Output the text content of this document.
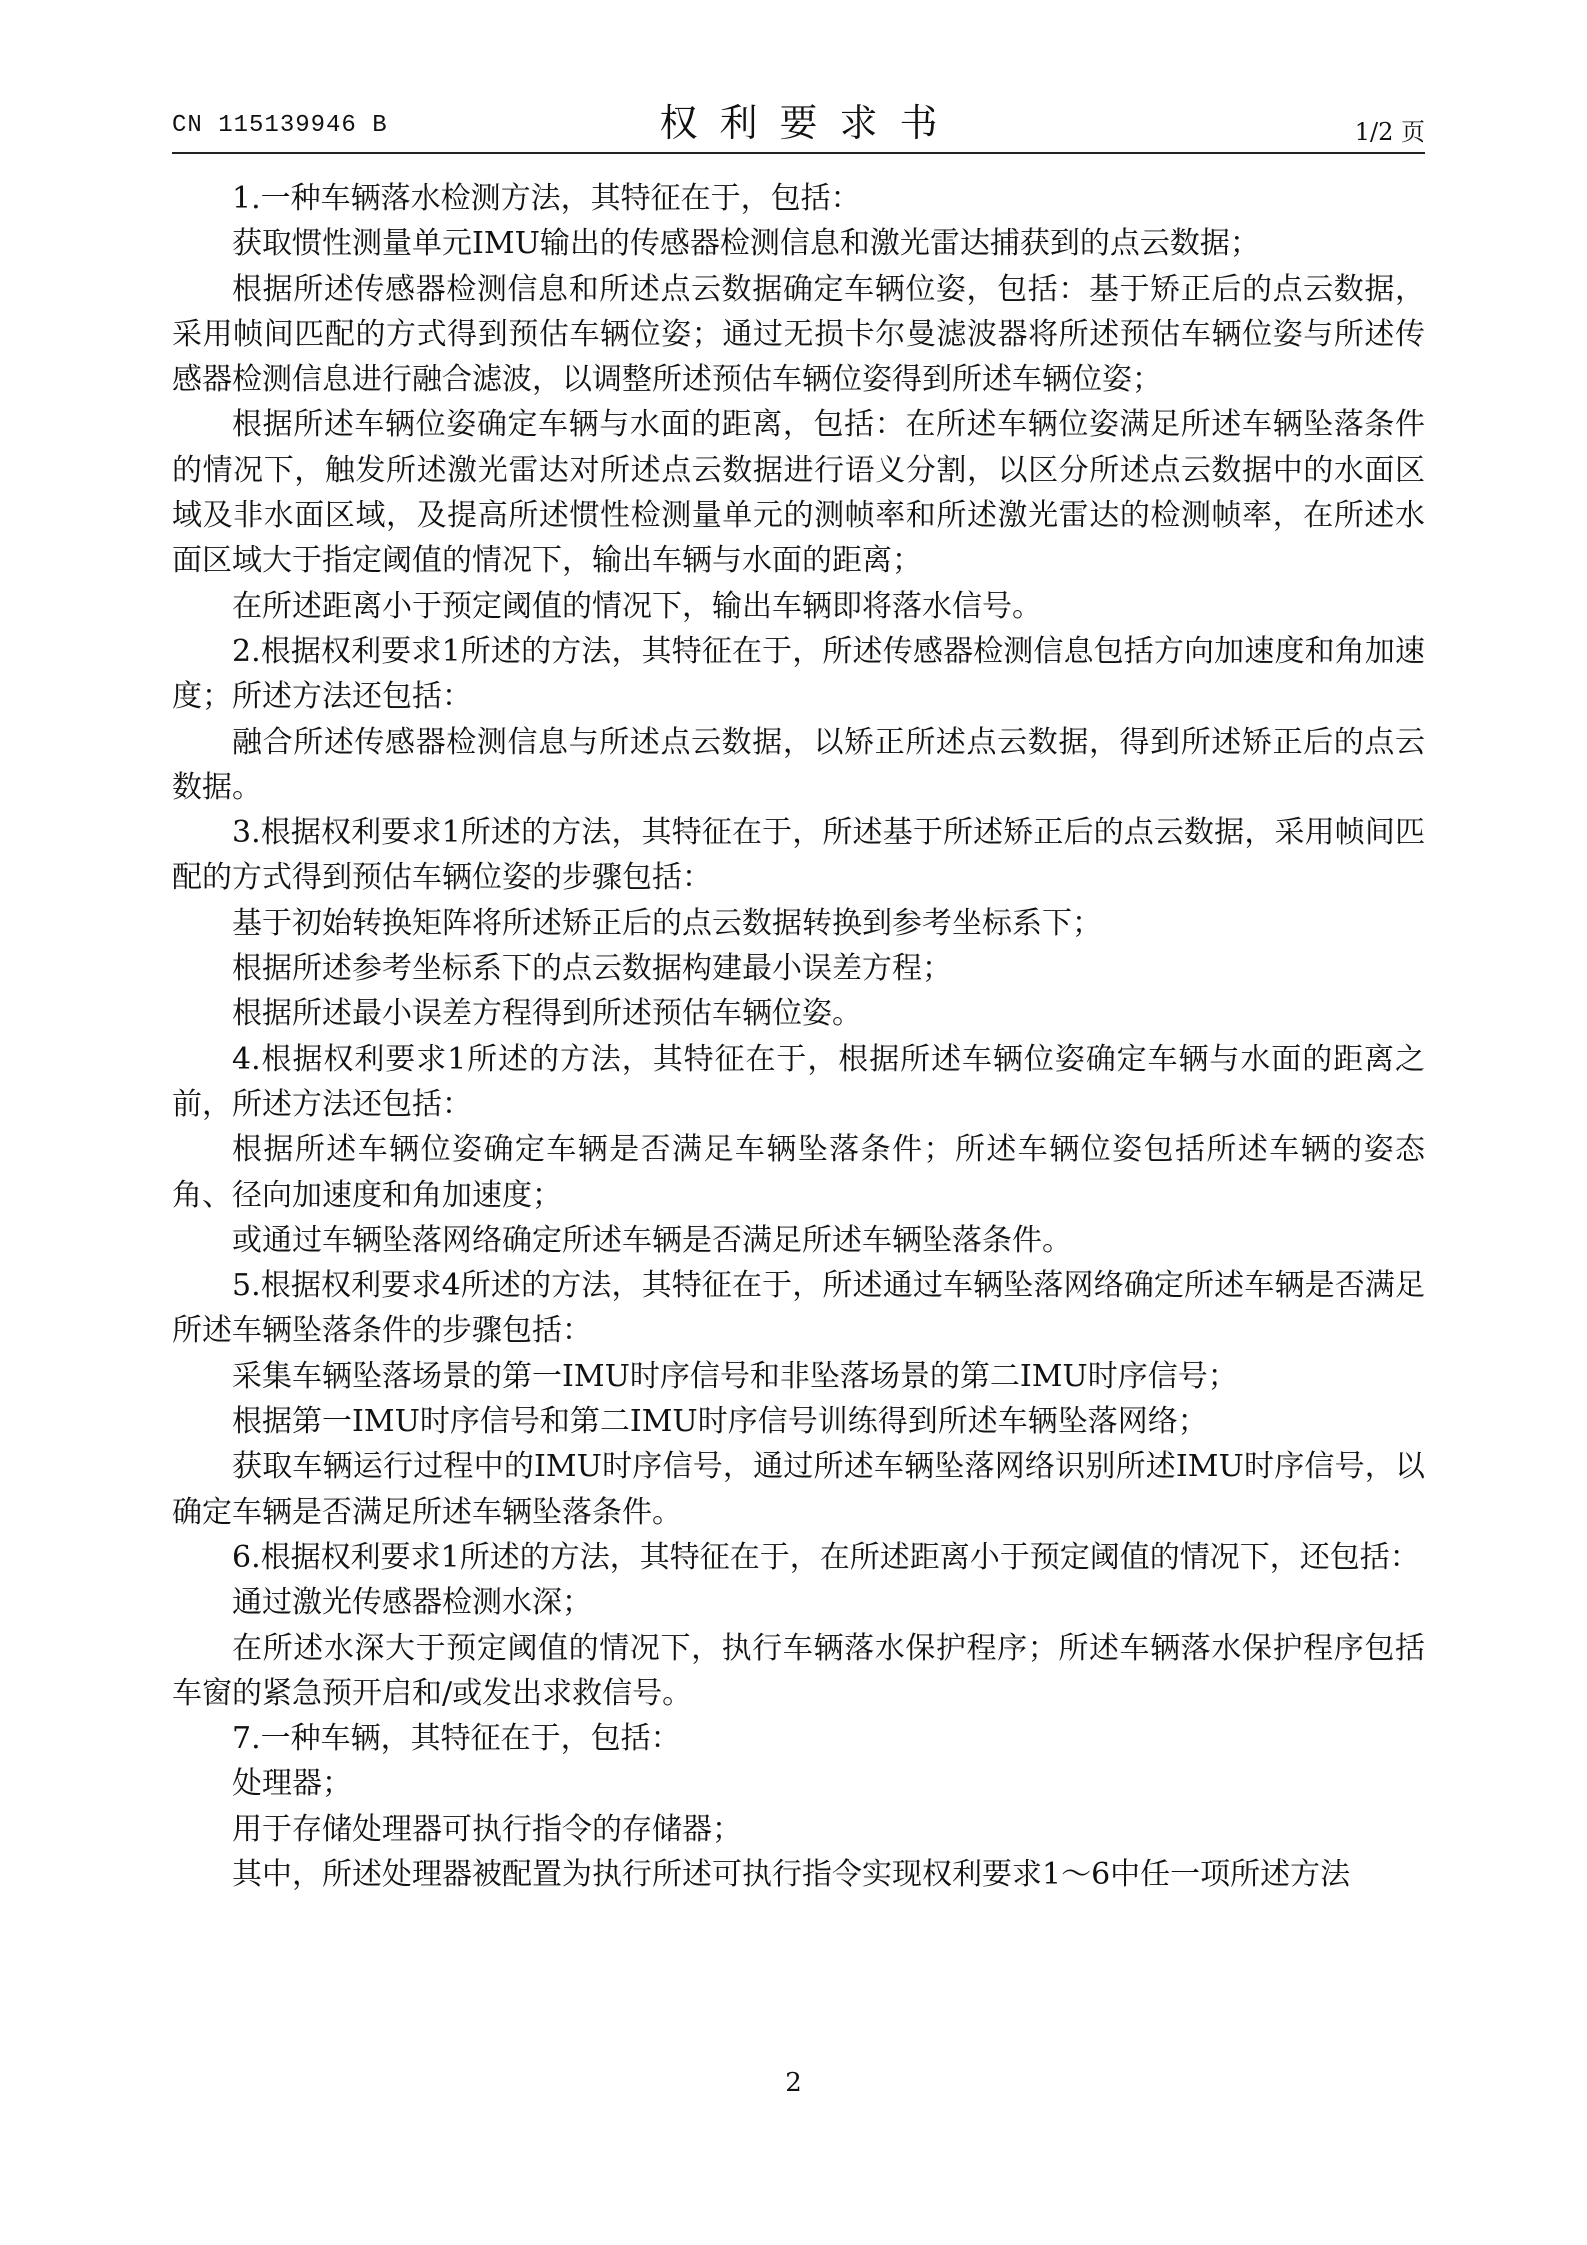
CN 115139946 B	权利要求书	1/2 页

1.一种车辆落水检测方法，其特征在于，包括：

获取惯性测量单元IMU输出的传感器检测信息和激光雷达捕获到的点云数据；

根据所述传感器检测信息和所述点云数据确定车辆位姿，包括：基于矫正后的点云数据，采用帧间匹配的方式得到预估车辆位姿；通过无损卡尔曼滤波器将所述预估车辆位姿与所述传感器检测信息进行融合滤波，以调整所述预估车辆位姿得到所述车辆位姿；

根据所述车辆位姿确定车辆与水面的距离，包括：在所述车辆位姿满足所述车辆坠落条件的情况下，触发所述激光雷达对所述点云数据进行语义分割，以区分所述点云数据中的水面区域及非水面区域，及提高所述惯性检测量单元的测帧率和所述激光雷达的检测帧率，在所述水面区域大于指定阈值的情况下，输出车辆与水面的距离；

在所述距离小于预定阈值的情况下，输出车辆即将落水信号。

2.根据权利要求1所述的方法，其特征在于，所述传感器检测信息包括方向加速度和角加速度；所述方法还包括：

融合所述传感器检测信息与所述点云数据，以矫正所述点云数据，得到所述矫正后的点云数据。

3.根据权利要求1所述的方法，其特征在于，所述基于所述矫正后的点云数据，采用帧间匹配的方式得到预估车辆位姿的步骤包括：

基于初始转换矩阵将所述矫正后的点云数据转换到参考坐标系下；

根据所述参考坐标系下的点云数据构建最小误差方程；

根据所述最小误差方程得到所述预估车辆位姿。

4.根据权利要求1所述的方法，其特征在于，根据所述车辆位姿确定车辆与水面的距离之前，所述方法还包括：

根据所述车辆位姿确定车辆是否满足车辆坠落条件；所述车辆位姿包括所述车辆的姿态角、径向加速度和角加速度；

或通过车辆坠落网络确定所述车辆是否满足所述车辆坠落条件。

5.根据权利要求4所述的方法，其特征在于，所述通过车辆坠落网络确定所述车辆是否满足所述车辆坠落条件的步骤包括：

采集车辆坠落场景的第一IMU时序信号和非坠落场景的第二IMU时序信号；

根据第一IMU时序信号和第二IMU时序信号训练得到所述车辆坠落网络；

获取车辆运行过程中的IMU时序信号，通过所述车辆坠落网络识别所述IMU时序信号，以确定车辆是否满足所述车辆坠落条件。

6.根据权利要求1所述的方法，其特征在于，在所述距离小于预定阈值的情况下，还包括：

通过激光传感器检测水深；

在所述水深大于预定阈值的情况下，执行车辆落水保护程序；所述车辆落水保护程序包括车窗的紧急预开启和/或发出求救信号。

7.一种车辆，其特征在于，包括：

处理器；

用于存储处理器可执行指令的存储器；

其中，所述处理器被配置为执行所述可执行指令实现权利要求1～6中任一项所述方法

2
